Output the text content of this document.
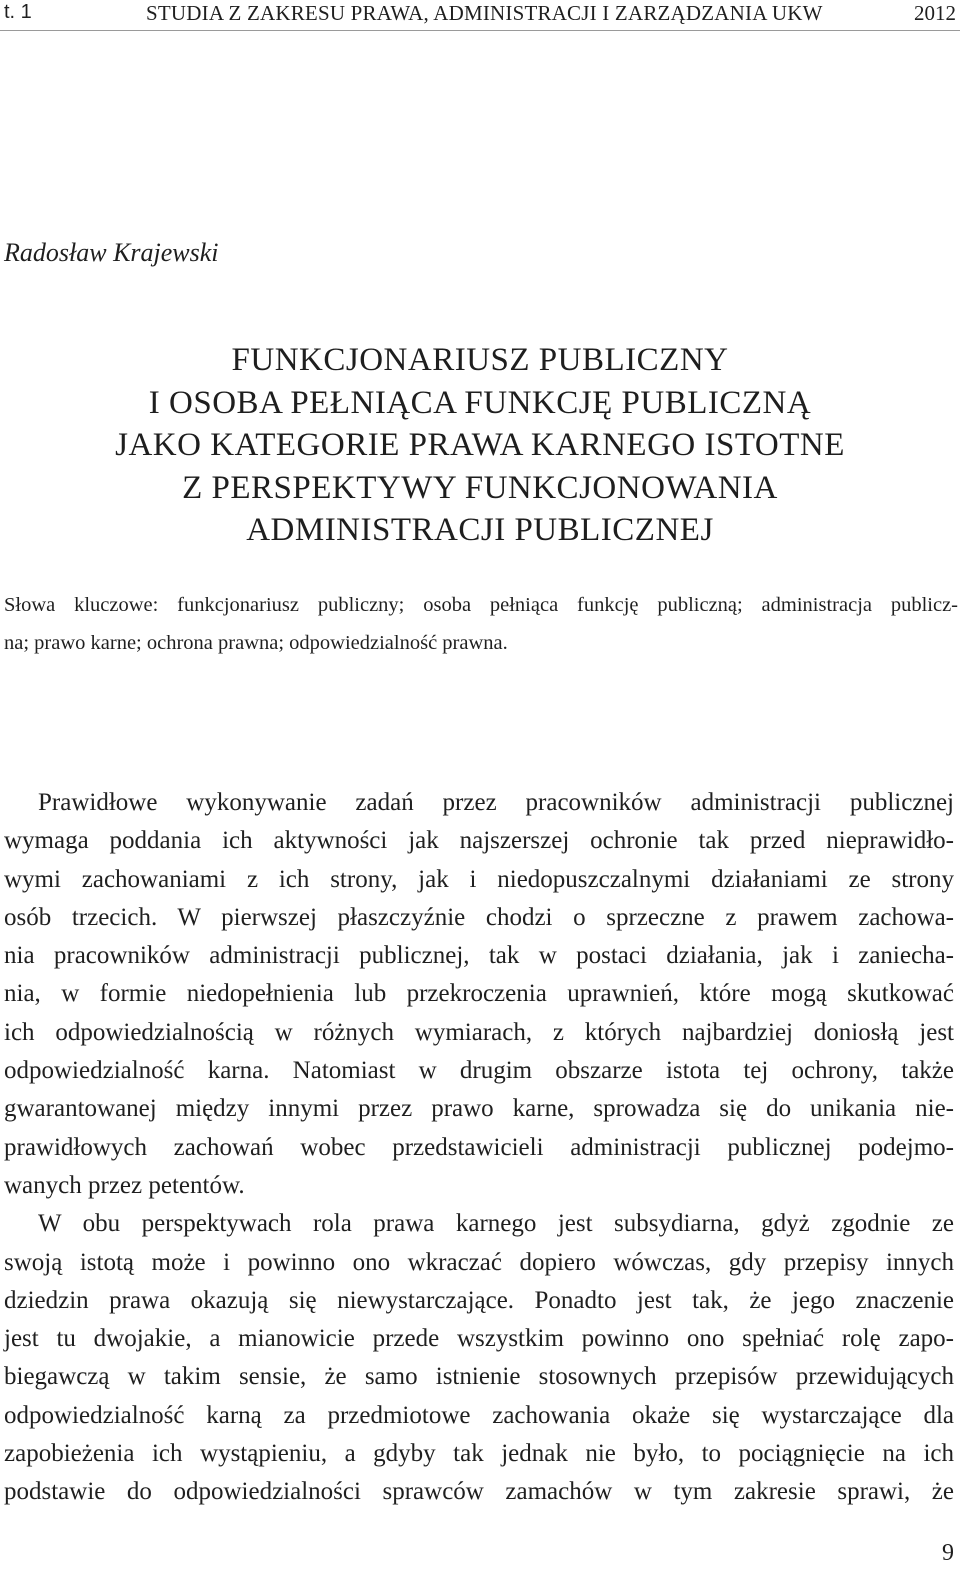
t. 1	STUDIA Z ZAKRESU PRAWA, ADMINISTRACJI I ZARZĄDZANIA UKW	2012
Radosław Krajewski
FUNKCJONARIUSZ PUBLICZNY
I OSOBA PEŁNIĄCA FUNKCJĘ PUBLICZNĄ
JAKO KATEGORIE PRAWA KARNEGO ISTOTNE
Z PERSPEKTYWY FUNKCJONOWANIA
ADMINISTRACJI PUBLICZNEJ
Słowa kluczowe: funkcjonariusz publiczny; osoba pełniąca funkcję publiczną; administracja publicz-
na; prawo karne; ochrona prawna; odpowiedzialność prawna.
Prawidłowe wykonywanie zadań przez pracowników administracji publicznej
wymaga poddania ich aktywności jak najszerszej ochronie tak przed nieprawidło-
wymi zachowaniami z ich strony, jak i niedopuszczalnymi działaniami ze strony
osób trzecich. W pierwszej płaszczyźnie chodzi o sprzeczne z prawem zachowa-
nia pracowników administracji publicznej, tak w postaci działania, jak i zaniecha-
nia, w formie niedopełnienia lub przekroczenia uprawnień, które mogą skutkować
ich odpowiedzialnością w różnych wymiarach, z których najbardziej doniosłą jest
odpowiedzialność karna. Natomiast w drugim obszarze istota tej ochrony, także
gwarantowanej między innymi przez prawo karne, sprowadza się do unikania nie-
prawidłowych zachowań wobec przedstawicieli administracji publicznej podejmo-
wanych przez petentów.
W obu perspektywach rola prawa karnego jest subsydiarna, gdyż zgodnie ze
swoją istotą może i powinno ono wkraczać dopiero wówczas, gdy przepisy innych
dziedzin prawa okazują się niewystarczające. Ponadto jest tak, że jego znaczenie
jest tu dwojakie, a mianowicie przede wszystkim powinno ono spełniać rolę zapo-
biegawczą w takim sensie, że samo istnienie stosownych przepisów przewidujących
odpowiedzialność karną za przedmiotowe zachowania okaże się wystarczające dla
zapobieżenia ich wystąpieniu, a gdyby tak jednak nie było, to pociągnięcie na ich
podstawie do odpowiedzialności sprawców zamachów w tym zakresie sprawi, że
9
